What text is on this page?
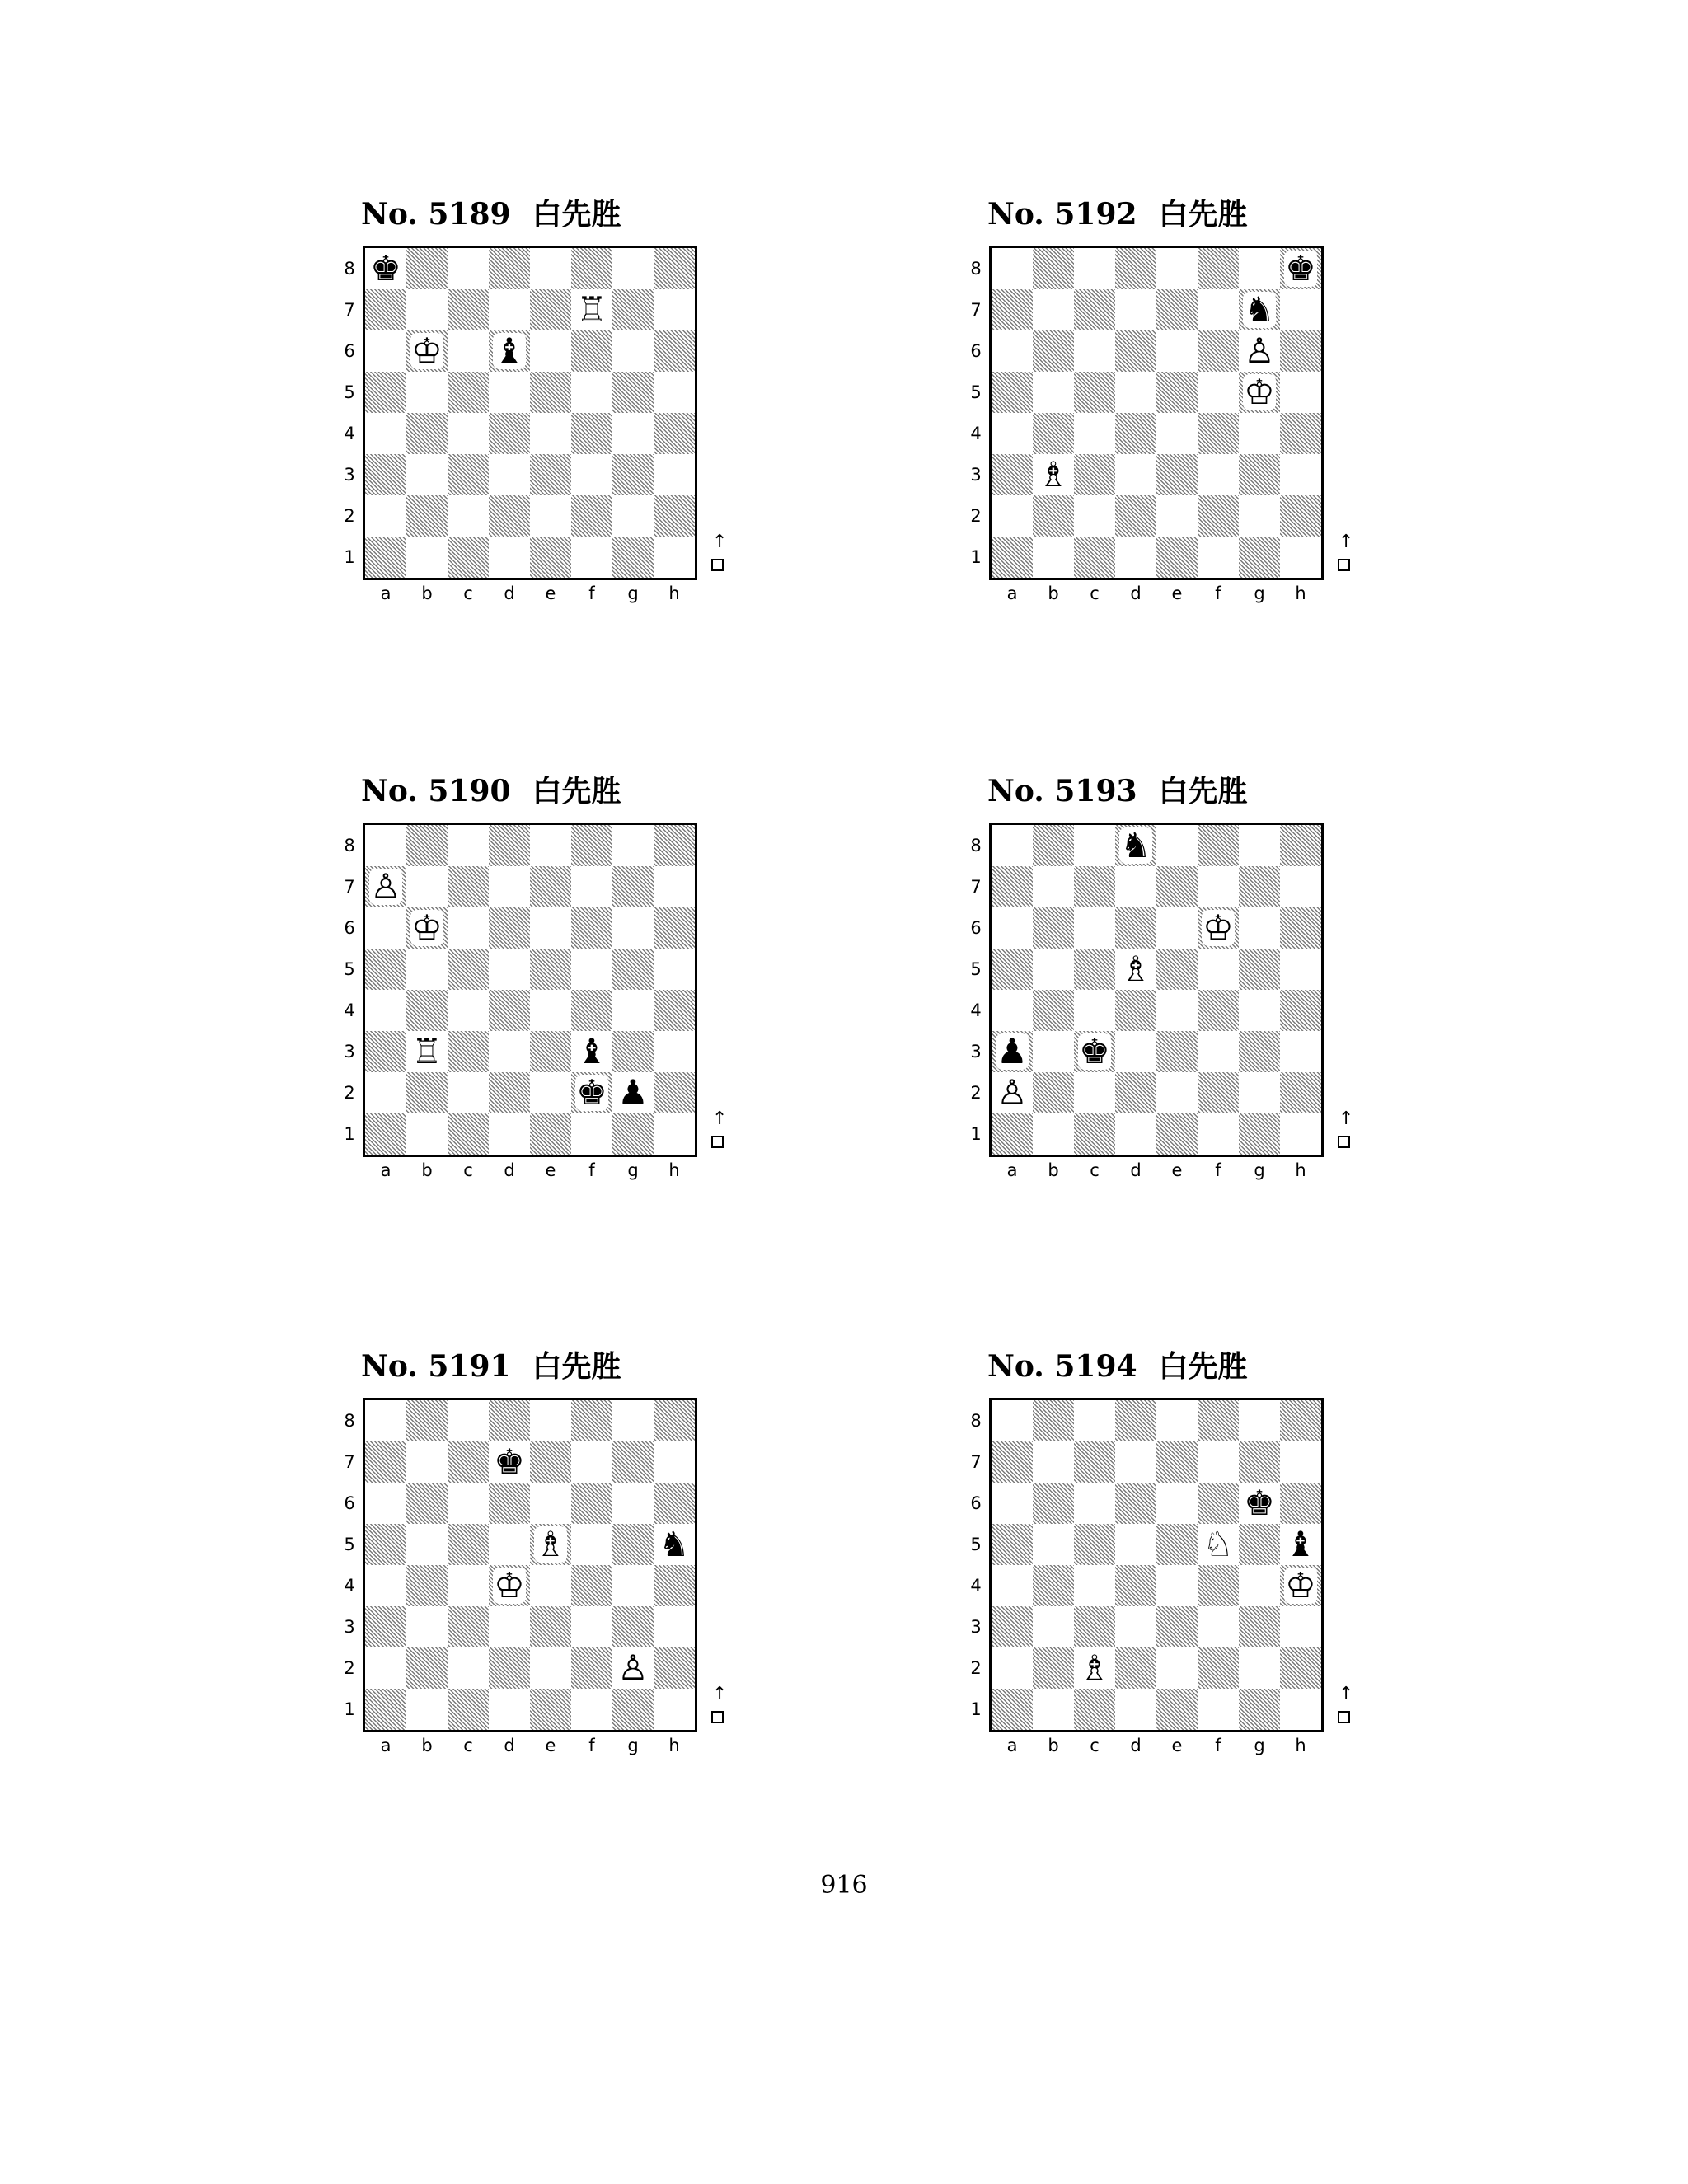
No. 5189 白先胜
♚
♖
♔ ♝
8
7
6
5
4
3
2
1
a	b	c	d	e	f	g	h
↑
No. 5192 白先胜
♚
♞
♙
♔
♗
8
7
6
5
4
3
2
1
a	b	c	d	e	f	g	h
↑
No. 5190 白先胜
♙
♔
♖	♝
♚ ♟
8
7
6
5
4
3
2
1
a	b	c	d	e	f	g	h
↑
No. 5193 白先胜
♞
♔
♗
♟ ♚
♙
8
7
6
5
4
3
2
1
a	b	c	d	e	f	g	h
↑
No. 5191 白先胜
♚
♗	♞
♔
♙
8
7
6
5
4
3
2
1
a	b	c	d	e	f	g	h
↑
No. 5194 白先胜
♚
♘ ♝
♔
♗
8
7
6
5
4
3
2
1
a	b	c	d	e	f	g	h
↑
916
